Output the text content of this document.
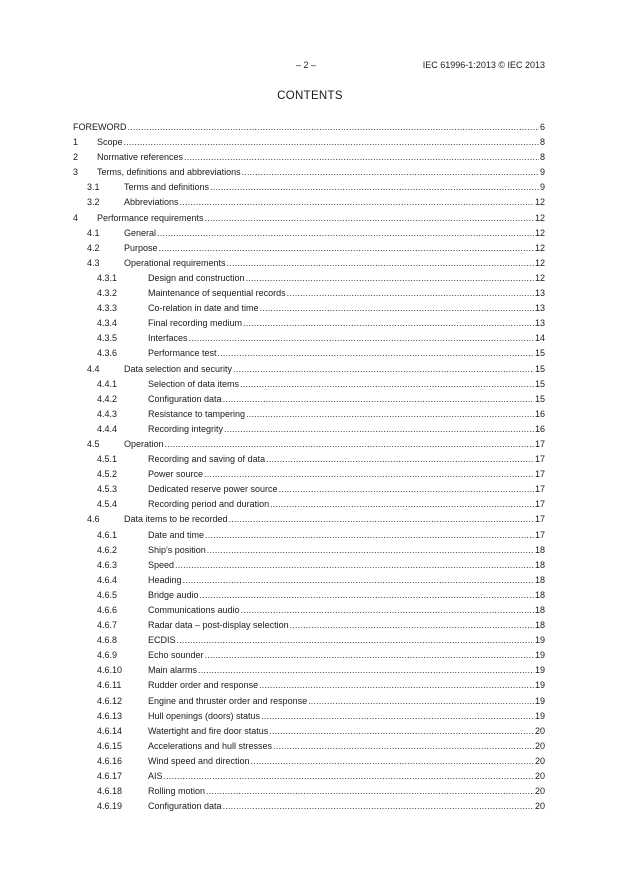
– 2 –	IEC 61996-1:2013 © IEC 2013
CONTENTS
FOREWORD .....	6
1	Scope .....	8
2	Normative references .....	8
3	Terms, definitions and abbreviations .....	9
3.1	Terms and definitions .....	9
3.2	Abbreviations .....	12
4	Performance requirements .....	12
4.1	General .....	12
4.2	Purpose .....	12
4.3	Operational requirements .....	12
4.3.1	Design and construction .....	12
4.3.2	Maintenance of sequential records .....	13
4.3.3	Co-relation in date and time .....	13
4.3.4	Final recording medium .....	13
4.3.5	Interfaces .....	14
4.3.6	Performance test .....	15
4.4	Data selection and security .....	15
4.4.1	Selection of data items .....	15
4.4.2	Configuration data .....	15
4.4.3	Resistance to tampering .....	16
4.4.4	Recording integrity .....	16
4.5	Operation .....	17
4.5.1	Recording and saving of data .....	17
4.5.2	Power source .....	17
4.5.3	Dedicated reserve power source .....	17
4.5.4	Recording period and duration .....	17
4.6	Data items to be recorded .....	17
4.6.1	Date and time .....	17
4.6.2	Ship's position .....	18
4.6.3	Speed .....	18
4.6.4	Heading .....	18
4.6.5	Bridge audio .....	18
4.6.6	Communications audio .....	18
4.6.7	Radar data – post-display selection .....	18
4.6.8	ECDIS .....	19
4.6.9	Echo sounder .....	19
4.6.10	Main alarms .....	19
4.6.11	Rudder order and response .....	19
4.6.12	Engine and thruster order and response .....	19
4.6.13	Hull openings (doors) status .....	19
4.6.14	Watertight and fire door status .....	20
4.6.15	Accelerations and hull stresses .....	20
4.6.16	Wind speed and direction .....	20
4.6.17	AIS .....	20
4.6.18	Rolling motion .....	20
4.6.19	Configuration data .....	20
